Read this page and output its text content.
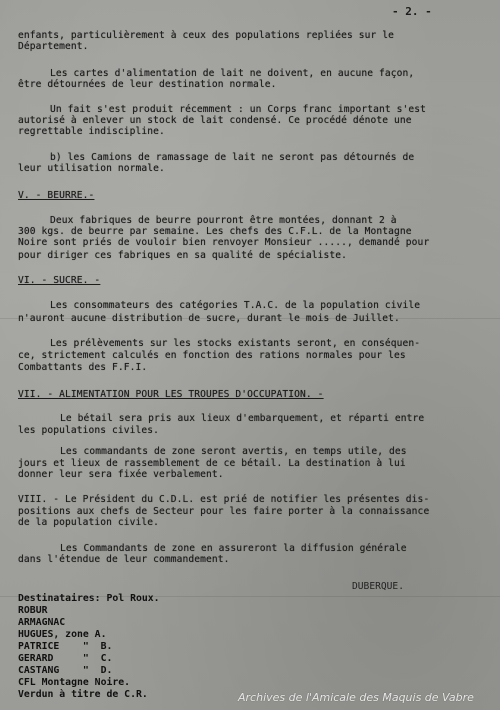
- 2. -
enfants, particulièrement à ceux des populations repliées sur le
Département.
Les cartes d'alimentation de lait ne doivent, en aucune façon,
être détournées de leur destination normale.
Un fait s'est produit récemment : un Corps franc important s'est
autorisé à enlever un stock de lait condensé. Ce procédé dénote une
regrettable indiscipline.
b) les Camions de ramassage de lait ne seront pas détournés de
leur utilisation normale.
V. - BEURRE.-
Deux fabriques de beurre pourront être montées, donnant 2 à
300 kgs. de beurre par semaine. Les chefs des C.F.L. de la Montagne
Noire sont priés de vouloir bien renvoyer Monsieur ....., demandé pour
pour diriger ces fabriques en sa qualité de spécialiste.
VI. - SUCRE. -
Les consommateurs des catégories T.A.C. de la population civile
n'auront aucune distribution de sucre, durant le mois de Juillet.
Les prélèvements sur les stocks existants seront, en conséquen-
ce, strictement calculés en fonction des rations normales pour les
Combattants des F.F.I.
VII. - ALIMENTATION POUR LES TROUPES D'OCCUPATION. -
Le bétail sera pris aux lieux d'embarquement, et réparti entre
les populations civiles.
Les commandants de zone seront avertis, en temps utile, des
jours et lieux de rassemblement de ce bétail. La destination à lui
donner leur sera fixée verbalement.
VIII. - Le Président du C.D.L. est prié de notifier les présentes dis-
positions aux chefs de Secteur pour les faire porter à la connaissance
de la population civile.
Les Commandants de zone en assureront la diffusion générale
dans l'étendue de leur commandement.
DUBERQUE.
Destinataires: Pol Roux.
ROBUR
ARMAGNAC
HUGUES, zone A.
PATRICE    "  B.
GERARD     "  C.
CASTANG    "  D.
CFL Montagne Noire.
Verdun à titre de C.R.	Archives de l'Amicale des Maquis de Vabre
